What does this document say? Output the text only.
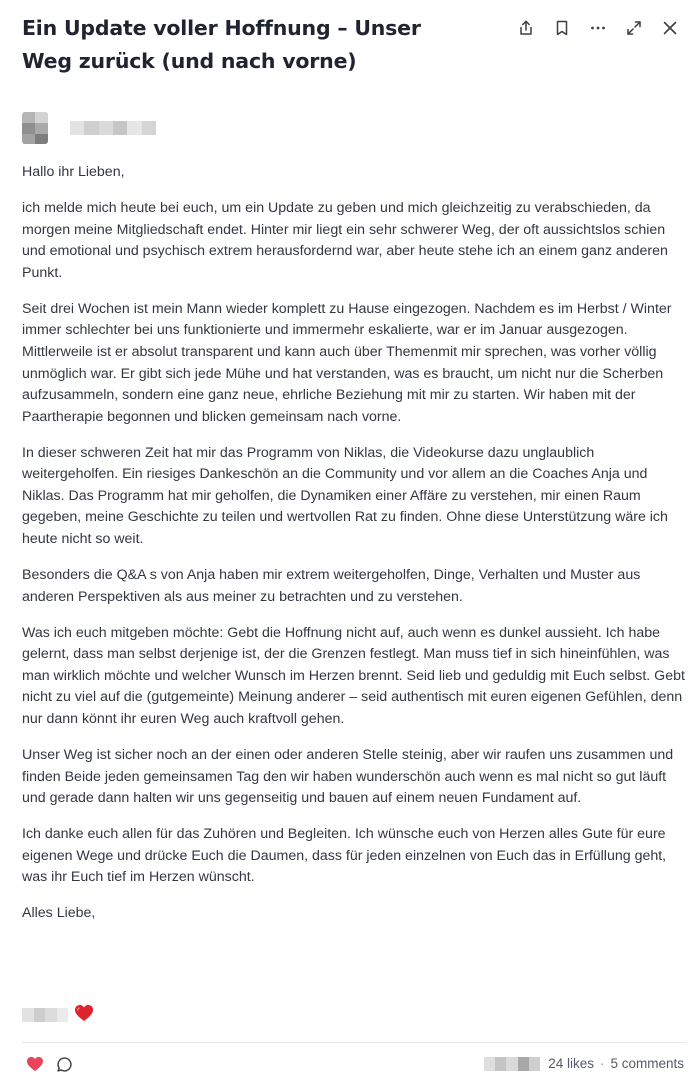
Ein Update voller Hoffnung – Unser Weg zurück (und nach vorne)

Hallo ihr Lieben,

ich melde mich heute bei euch, um ein Update zu geben und mich gleichzeitig zu verabschieden, da morgen meine Mitgliedschaft endet. Hinter mir liegt ein sehr schwerer Weg, der oft aussichtslos schien und emotional und psychisch extrem herausfordernd war, aber heute stehe ich an einem ganz anderen Punkt.

Seit drei Wochen ist mein Mann wieder komplett zu Hause eingezogen. Nachdem es im Herbst / Winter immer schlechter bei uns funktionierte und immermehr eskalierte, war er im Januar ausgezogen. Mittlerweile ist er absolut transparent und kann auch über Themenmit mir sprechen, was vorher völlig unmöglich war. Er gibt sich jede Mühe und hat verstanden, was es braucht, um nicht nur die Scherben aufzusammeln, sondern eine ganz neue, ehrliche Beziehung mit mir zu starten. Wir haben mit der Paartherapie begonnen und blicken gemeinsam nach vorne.

In dieser schweren Zeit hat mir das Programm von Niklas, die Videokurse dazu unglaublich weitergeholfen. Ein riesiges Dankeschön an die Community und vor allem an die Coaches Anja und Niklas. Das Programm hat mir geholfen, die Dynamiken einer Affäre zu verstehen, mir einen Raum gegeben, meine Geschichte zu teilen und wertvollen Rat zu finden. Ohne diese Unterstützung wäre ich heute nicht so weit.

Besonders die Q&A s von Anja haben mir extrem weitergeholfen, Dinge, Verhalten und Muster aus anderen Perspektiven als aus meiner zu betrachten und zu verstehen.

Was ich euch mitgeben möchte: Gebt die Hoffnung nicht auf, auch wenn es dunkel aussieht. Ich habe gelernt, dass man selbst derjenige ist, der die Grenzen festlegt. Man muss tief in sich hineinfühlen, was man wirklich möchte und welcher Wunsch im Herzen brennt. Seid lieb und geduldig mit Euch selbst. Gebt nicht zu viel auf die (gutgemeinte) Meinung anderer – seid authentisch mit euren eigenen Gefühlen, denn nur dann könnt ihr euren Weg auch kraftvoll gehen.

Unser Weg ist sicher noch an der einen oder anderen Stelle steinig, aber wir raufen uns zusammen und finden Beide jeden gemeinsamen Tag den wir haben wunderschön auch wenn es mal nicht so gut läuft und gerade dann halten wir uns gegenseitig und bauen auf einem neuen Fundament auf.

Ich danke euch allen für das Zuhören und Begleiten. Ich wünsche euch von Herzen alles Gute für eure eigenen Wege und drücke Euch die Daumen, dass für jeden einzelnen von Euch das in Erfüllung geht, was ihr Euch tief im Herzen wünscht.

Alles Liebe,

24 likes · 5 comments
